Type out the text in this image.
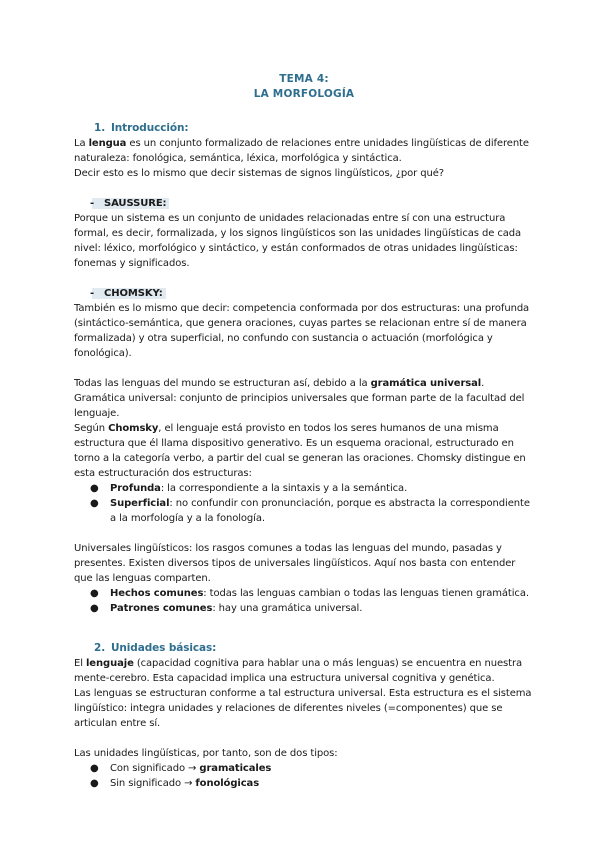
TEMA 4:
LA MORFOLOGÍA
1. Introducción:

La lengua es un conjunto formalizado de relaciones entre unidades lingüísticas de diferente naturaleza: fonológica, semántica, léxica, morfológica y sintáctica.

Decir esto es lo mismo que decir sistemas de signos lingüísticos, ¿por qué?

- SAUSSURE:

Porque un sistema es un conjunto de unidades relacionadas entre sí con una estructura formal, es decir, formalizada, y los signos lingüísticos son las unidades lingüísticas de cada nivel: léxico, morfológico y sintáctico, y están conformados de otras unidades lingüísticas: fonemas y significados.

- CHOMSKY:

También es lo mismo que decir: competencia conformada por dos estructuras: una profunda (sintáctico-semántica, que genera oraciones, cuyas partes se relacionan entre sí de manera formalizada) y otra superficial, no confundo con sustancia o actuación (morfológica y fonológica).

Todas las lenguas del mundo se estructuran así, debido a la gramática universal.

Gramática universal: conjunto de principios universales que forman parte de la facultad del lenguaje.

Según Chomsky, el lenguaje está provisto en todos los seres humanos de una misma estructura que él llama dispositivo generativo. Es un esquema oracional, estructurado en torno a la categoría verbo, a partir del cual se generan las oraciones. Chomsky distingue en esta estructuración dos estructuras:

● Profunda: la correspondiente a la sintaxis y a la semántica.
● Superficial: no confundir con pronunciación, porque es abstracta la correspondiente a la morfología y a la fonología.

Universales lingüísticos: los rasgos comunes a todas las lenguas del mundo, pasadas y presentes. Existen diversos tipos de universales lingüísticos. Aquí nos basta con entender que las lenguas comparten.

● Hechos comunes: todas las lenguas cambian o todas las lenguas tienen gramática.
● Patrones comunes: hay una gramática universal.
2. Unidades básicas:

El lenguaje (capacidad cognitiva para hablar una o más lenguas) se encuentra en nuestra mente-cerebro. Esta capacidad implica una estructura universal cognitiva y genética.

Las lenguas se estructuran conforme a tal estructura universal. Esta estructura es el sistema lingüístico: integra unidades y relaciones de diferentes niveles (=componentes) que se articulan entre sí.

Las unidades lingüísticas, por tanto, son de dos tipos:

● Con significado → gramaticales
● Sin significado → fonológicas
